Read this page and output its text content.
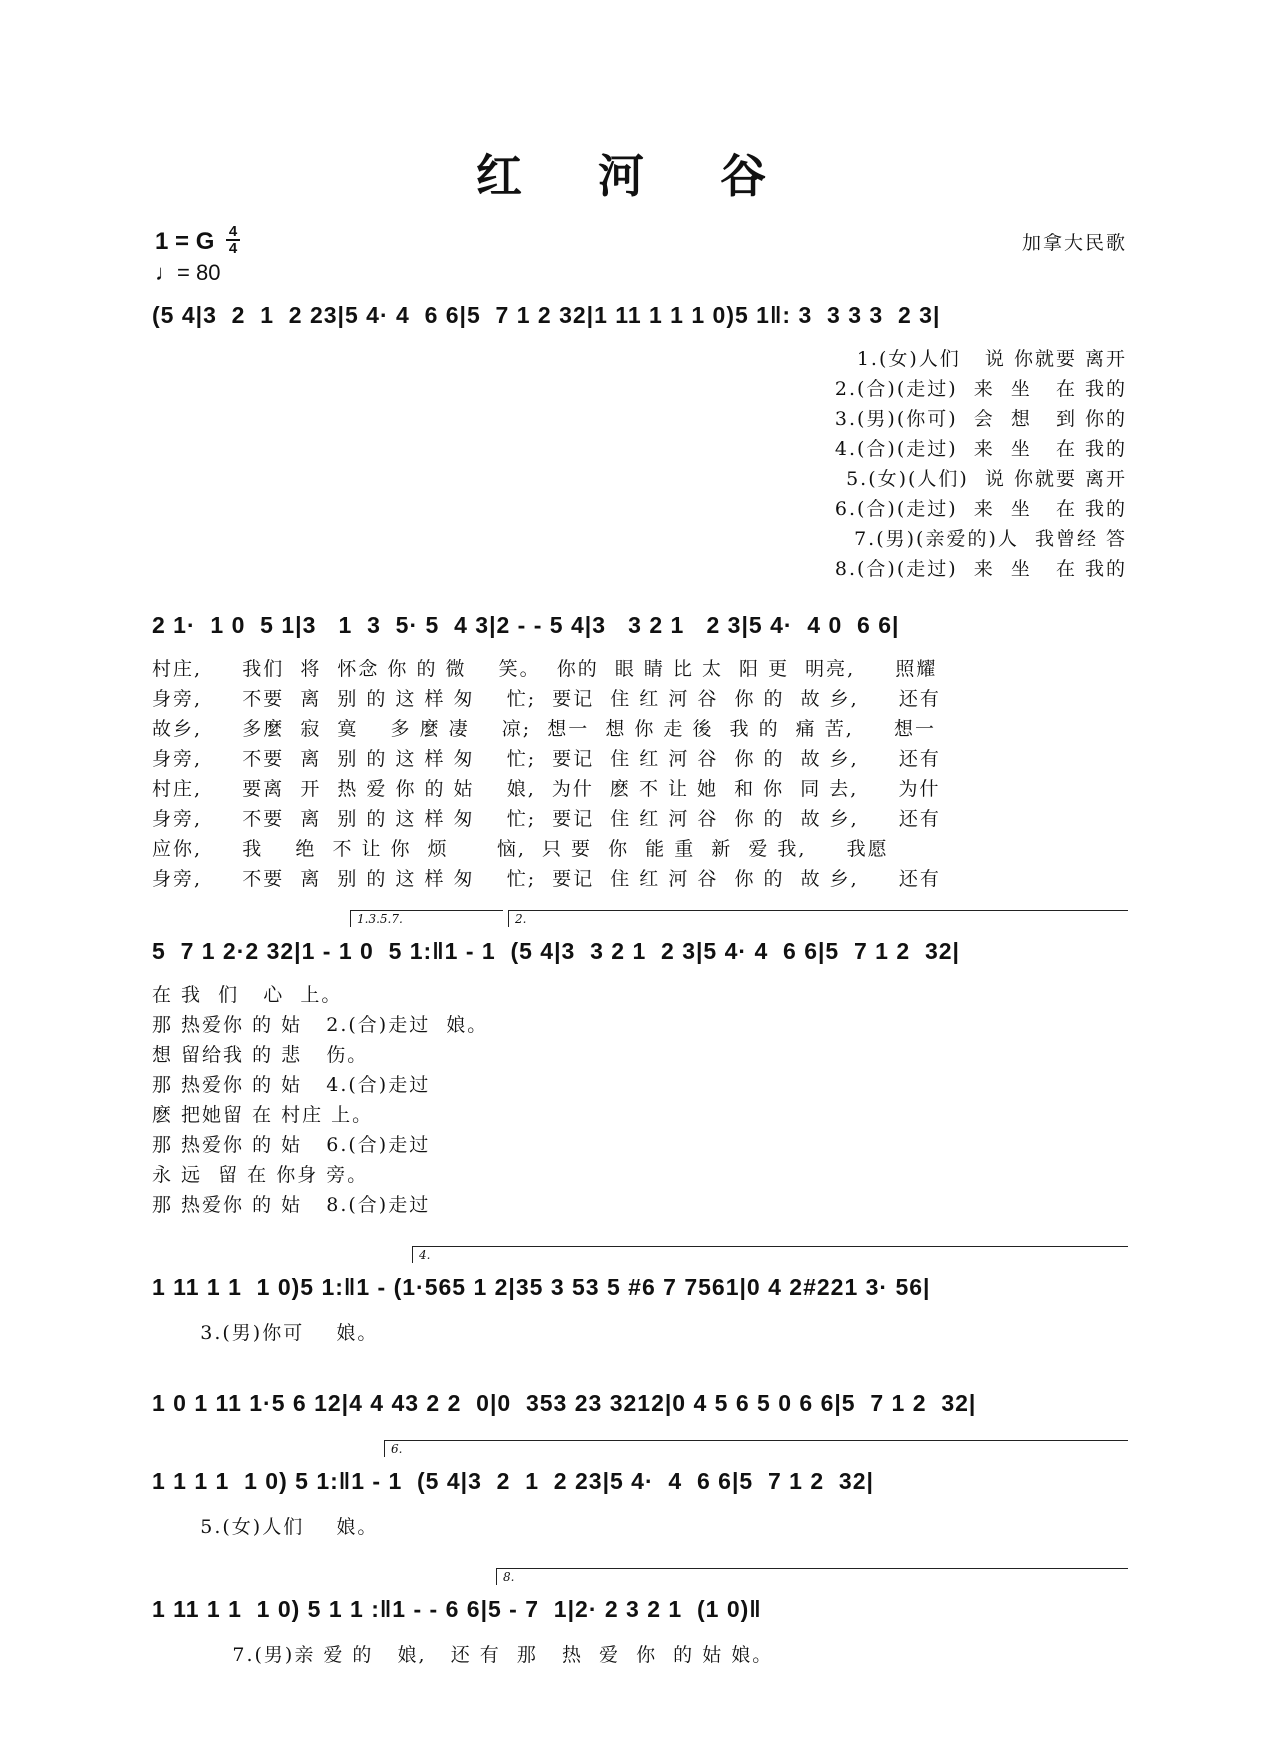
红 河 谷
1 = G 4
4
♩= 80
加拿大民歌
(5 4|3  2  1  2 23|5 4· 4  6 6|5  7 1 2 32|1 11 1 1 1 0)5 1‖: 3  3 3 3  2 3|
1.(女)人们   说 你就要 离开
2.(合)(走过)  来  坐   在 我的
3.(男)(你可)  会  想   到 你的
4.(合)(走过)  来  坐   在 我的
5.(女)(人们)  说 你就要 离开
6.(合)(走过)  来  坐   在 我的
7.(男)(亲爱的)人  我曾经 答
8.(合)(走过)  来  坐   在 我的
2 1·  1 0  5 1|3   1  3  5· 5  4 3|2 - - 5 4|3   3 2 1   2 3|5 4·  4 0  6 6|
村庄,     我们  将  怀念 你 的 微    笑。  你的  眼 睛 比 太  阳 更  明亮,     照耀
身旁,     不要  离  别 的 这 样 匆    忙;  要记  住 红 河 谷  你 的  故 乡,     还有
故乡,     多麼  寂  寞    多 麼 凄    凉;  想一  想 你 走 後  我 的  痛 苦,     想一
身旁,     不要  离  别 的 这 样 匆    忙;  要记  住 红 河 谷  你 的  故 乡,     还有
村庄,     要离  开  热 爱 你 的 姑    娘,  为什  麽 不 让 她  和 你  同 去,     为什
身旁,     不要  离  别 的 这 样 匆    忙;  要记  住 红 河 谷  你 的  故 乡,     还有
应你,     我    绝  不 让 你  烦      恼,  只 要  你  能 重  新  爱 我,     我愿
身旁,     不要  离  别 的 这 样 匆    忙;  要记  住 红 河 谷  你 的  故 乡,     还有
1.3.5.7.	2.
5  7 1 2·2 32|1 - 1 0  5 1:‖1 - 1  (5 4|3  3 2 1  2 3|5 4· 4  6 6|5  7 1 2  32|
在 我  们   心  上。
那 热爱你 的 姑   2.(合)走过  娘。
想 留给我 的 悲   伤。
那 热爱你 的 姑   4.(合)走过
麽 把她留 在 村庄 上。
那 热爱你 的 姑   6.(合)走过
永 远  留 在 你身 旁。
那 热爱你 的 姑   8.(合)走过
4.
1 11 1 1  1 0)5 1:‖1 - (1·565 1 2|35 3 53 5 #6 7 7561|0 4 2#221 3· 56|
3.(男)你可    娘。
1 0 1 11 1·5 6 12|4 4 43 2 2  0|0  353 23 3212|0 4 5 6 5 0 6 6|5  7 1 2  32|
6.
1 1 1 1  1 0) 5 1:‖1 - 1  (5 4|3  2  1  2 23|5 4·  4  6 6|5  7 1 2  32|
5.(女)人们    娘。
8.
1 11 1 1  1 0) 5 1 1 :‖1 - - 6 6|5 - 7  1|2· 2 3 2 1  (1 0)‖
7.(男)亲 爱 的   娘,   还 有  那   热  爱  你  的 姑 娘。
